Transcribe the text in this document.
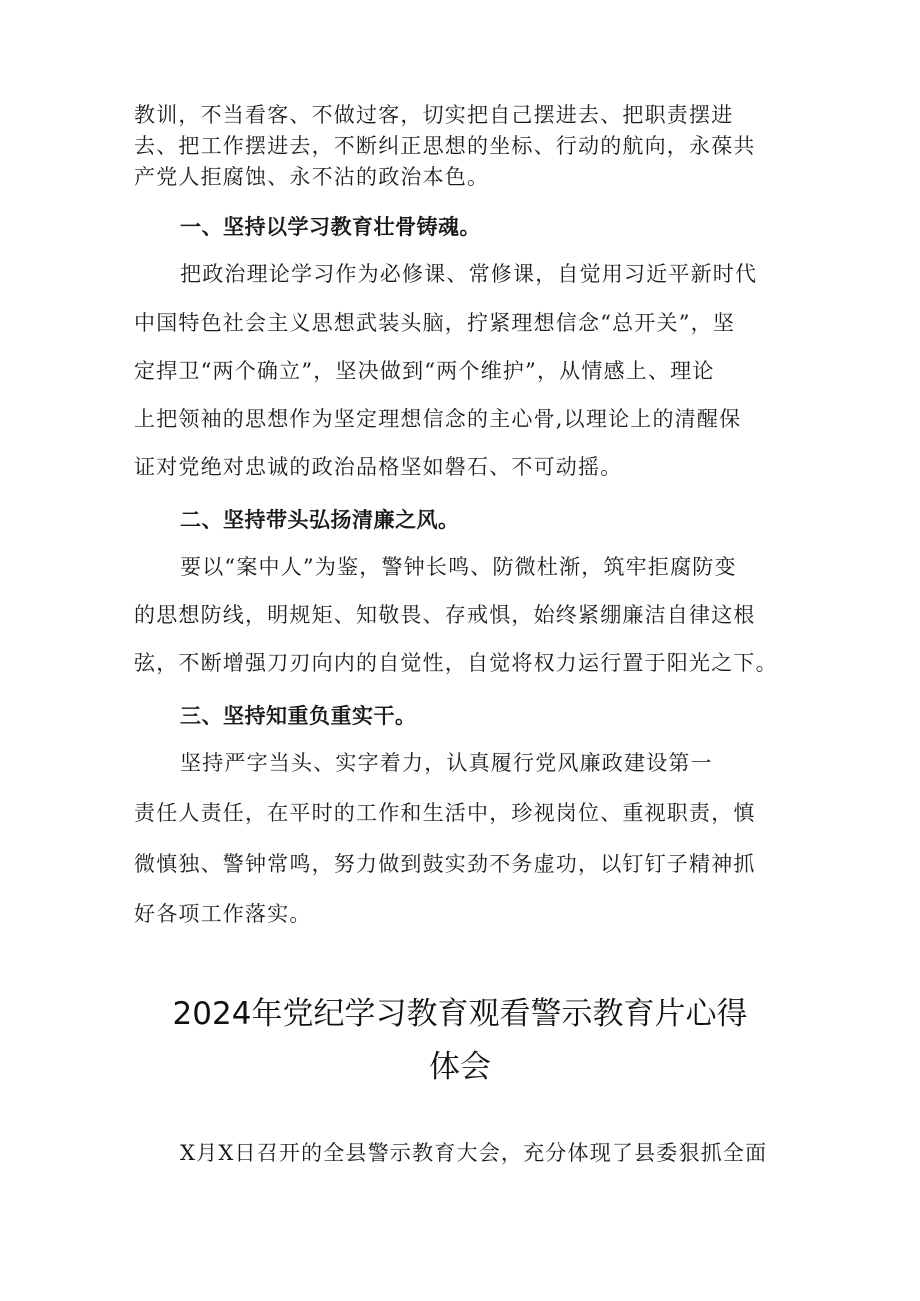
教训，不当看客、不做过客，切实把自己摆进去、把职责摆进
去、把工作摆进去，不断纠正思想的坐标、行动的航向，永葆共
产党人拒腐蚀、永不沾的政治本色。
一、坚持以学习教育壮骨铸魂。
把政治理论学习作为必修课、常修课，自觉用习近平新时代
中国特色社会主义思想武装头脑，拧紧理想信念“总开关”，坚
定捍卫“两个确立”，坚决做到“两个维护”，从情感上、理论
上把领袖的思想作为坚定理想信念的主心骨,以理论上的清醒保
证对党绝对忠诚的政治品格坚如磐石、不可动摇。
二、坚持带头弘扬清廉之风。
要以“案中人”为鉴，警钟长鸣、防微杜渐，筑牢拒腐防变
的思想防线，明规矩、知敬畏、存戒惧，始终紧绷廉洁自律这根
弦，不断增强刀刃向内的自觉性，自觉将权力运行置于阳光之下。
三、坚持知重负重实干。
坚持严字当头、实字着力，认真履行党风廉政建设第一
责任人责任，在平时的工作和生活中，珍视岗位、重视职责，慎
微慎独、警钟常鸣，努力做到鼓实劲不务虚功，以钉钉子精神抓
好各项工作落实。
2024年党纪学习教育观看警示教育片心得
体会
X月X日召开的全县警示教育大会，充分体现了县委狠抓全面
